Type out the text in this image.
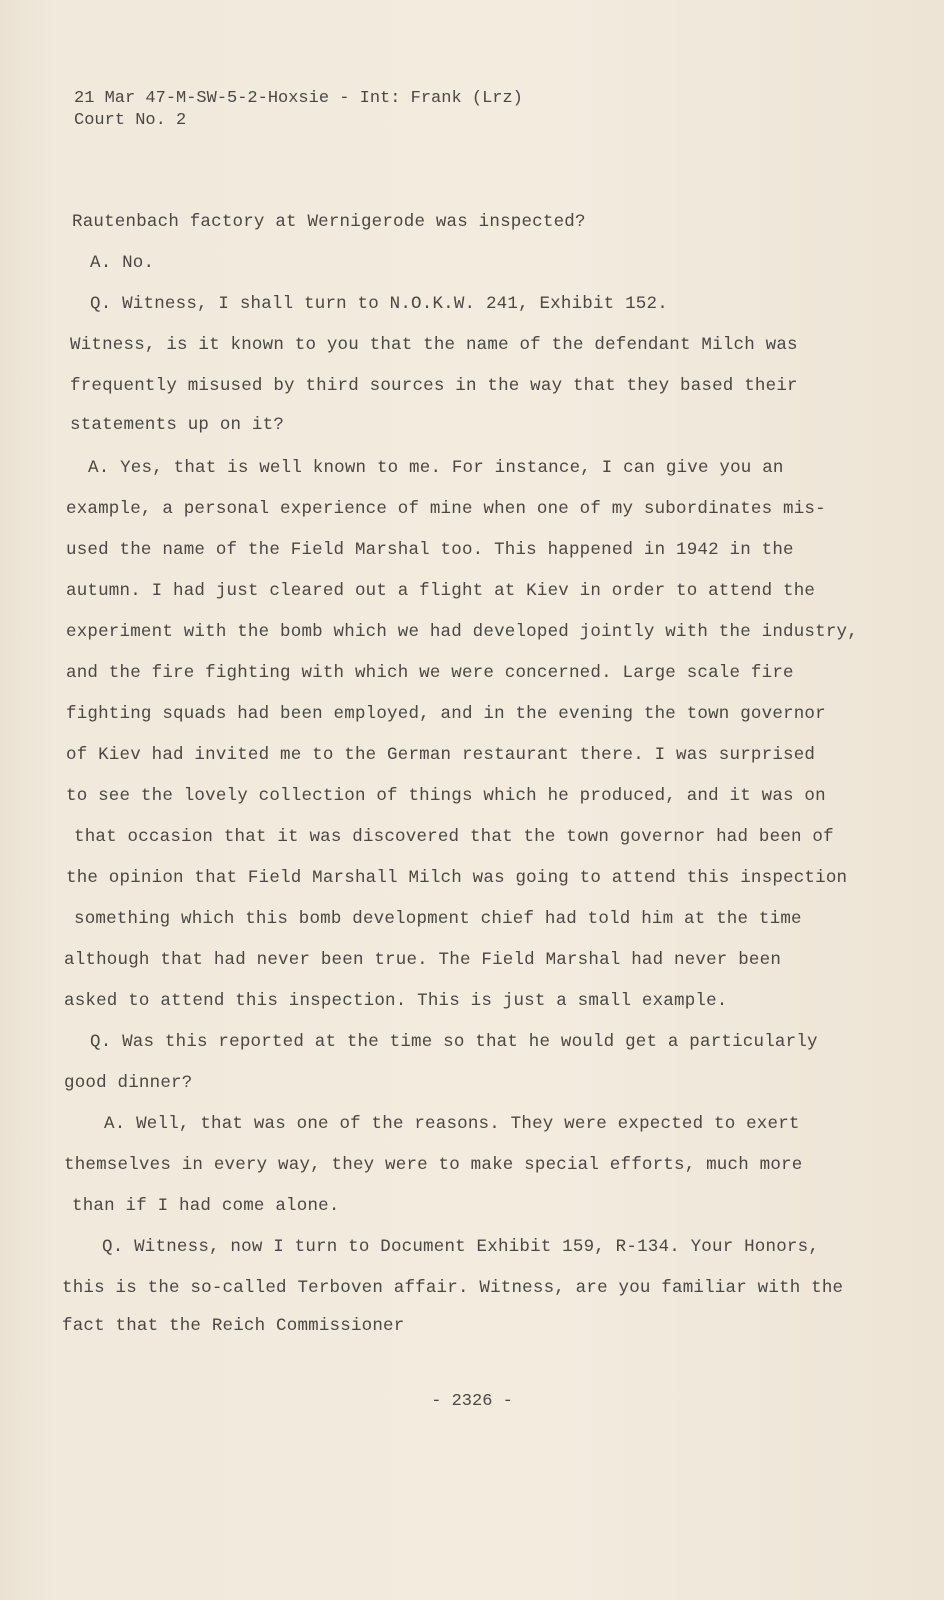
21 Mar 47-M-SW-5-2-Hoxsie - Int: Frank (Lrz)
Court No. 2
Rautenbach factory at Wernigerode was inspected?
A. No.
Q. Witness, I shall turn to N.O.K.W. 241, Exhibit 152.
Witness, is it known to you that the name of the defendant Milch was
frequently misused by third sources in the way that they based their
statements up on it?
A. Yes, that is well known to me. For instance, I can give you an
example, a personal experience of mine when one of my subordinates mis-
used the name of the Field Marshal too. This happened in 1942 in the
autumn. I had just cleared out a flight at Kiev in order to attend the
experiment with the bomb which we had developed jointly with the industry,
and the fire fighting with which we were concerned. Large scale fire
fighting squads had been employed, and in the evening the town governor
of Kiev had invited me to the German restaurant there. I was surprised
to see the lovely collection of things which he produced, and it was on
that occasion that it was discovered that the town governor had been of
the opinion that Field Marshall Milch was going to attend this inspection
something which this bomb development chief had told him at the time
although that had never been true. The Field Marshal had never been
asked to attend this inspection. This is just a small example.
Q. Was this reported at the time so that he would get a particularly
good dinner?
A. Well, that was one of the reasons. They were expected to exert
themselves in every way, they were to make special efforts, much more
than if I had come alone.
Q. Witness, now I turn to Document Exhibit 159, R-134. Your Honors,
this is the so-called Terboven affair. Witness, are you familiar with the
fact that the Reich Commissioner
- 2326 -
